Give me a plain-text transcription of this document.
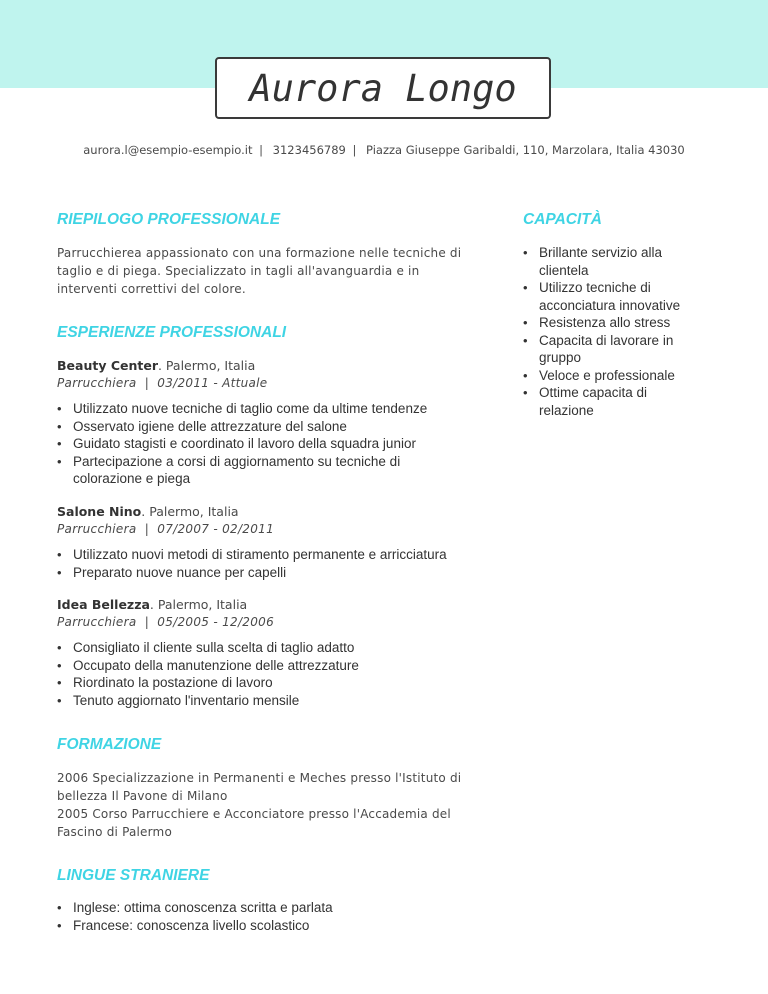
Aurora Longo
aurora.l@esempio-esempio.it | 3123456789 | Piazza Giuseppe Garibaldi, 110, Marzolara, Italia 43030
RIEPILOGO PROFESSIONALE
Parrucchierea appassionato con una formazione nelle tecniche di
taglio e di piega. Specializzato in tagli all'avanguardia e in
interventi correttivi del colore.
ESPERIENZE PROFESSIONALI
Beauty Center. Palermo, Italia
Parrucchiera  |  03/2011 - Attuale
• Utilizzato nuove tecniche di taglio come da ultime tendenze
• Osservato igiene delle attrezzature del salone
• Guidato stagisti e coordinato il lavoro della squadra junior
• Partecipazione a corsi di aggiornamento su tecniche di
colorazione e piega
Salone Nino. Palermo, Italia
Parrucchiera  |  07/2007 - 02/2011
• Utilizzato nuovi metodi di stiramento permanente e arricciatura
• Preparato nuove nuance per capelli
Idea Bellezza. Palermo, Italia
Parrucchiera  |  05/2005 - 12/2006
• Consigliato il cliente sulla scelta di taglio adatto
• Occupato della manutenzione delle attrezzature
• Riordinato la postazione di lavoro
• Tenuto aggiornato l'inventario mensile
FORMAZIONE
2006 Specializzazione in Permanenti e Meches presso l'Istituto di
bellezza Il Pavone di Milano
2005 Corso Parrucchiere e Acconciatore presso l'Accademia del
Fascino di Palermo
LINGUE STRANIERE
• Inglese: ottima conoscenza scritta e parlata
• Francese: conoscenza livello scolastico
CAPACITÀ
• Brillante servizio alla
clientela
• Utilizzo tecniche di
acconciatura innovative
• Resistenza allo stress
• Capacita di lavorare in
gruppo
• Veloce e professionale
• Ottime capacita di
relazione
